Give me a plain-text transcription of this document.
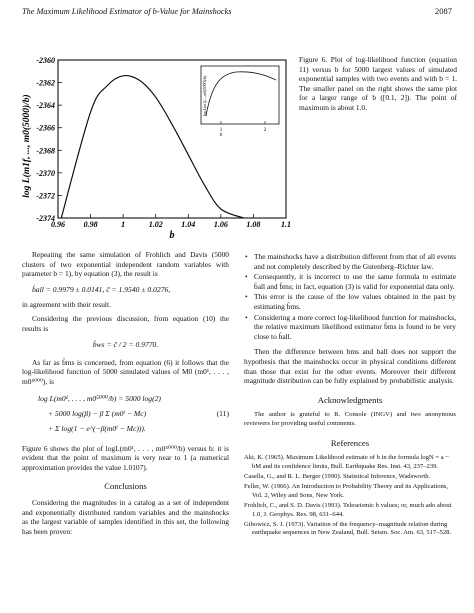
The Maximum Likelihood Estimator of b-Value for Mainshocks	2087
-2360
-2362
-2364
-2366
-2368
-2370
-2372
-2374
0.96 0.98	1	1.02 1.04 1.06 1.08	1.1
log L(m1f, ..., m0(5000)/b)
b
1	2
b
log L(m1f,...,m0(5000)/b)
Figure 6. Plot of log-likelihood function (equation 11) versus b for 5000 largest values of simulated exponential samples with two events and with b = 1. The smaller panel on the right shows the same plot for a larger range of b ([0.1, 2]). The point of maximum is about 1.0.
Repeating the same simulation of Frohlich and Davis (5000 clusters of two exponential independent random variables with parameter b = 1), by equation (3), the result is
b̂all = 0.9979 ± 0.0141, ĉ = 1.9540 ± 0.0276,
in agreement with their result.
Considering the previous discussion, from equation (10) the results is
b̂ws = ĉ / 2 = 0.9770.
As far as b̂ms is concerned, from equation (6) it follows that the log-likelihood function of 5000 simulated values of M0 (m0¹, . . . , m0⁵⁰⁰⁰), is
log L(m0¹, . . . , m0⁵⁰⁰⁰/b) = 5000 log(2)
+ 5000 log(β) − β Σ (m0ⁱ − Mc)
+ Σ log(1 − e^(−β(m0ⁱ − Mc))).
(11)
Figure 6 shows the plot of logL(m0¹, . . . , m0⁵⁰⁰⁰/b) versus b: it is evident that the point of maximum is very near to 1 (a numerical approximation provides the value 1.0107).
Conclusions
Considering the magnitudes in a catalog as a set of independent and exponentially distributed random variables and the mainshocks as the largest variable of samples identified in this set, the following has been proven:
• The mainshocks have a distribution different from that of all events and not completely described by the Gutenberg–Richter law.
• Consequently, it is incorrect to use the same formula to estimate b̂all and b̂ms; in fact, equation (3) is valid for exponential data only.
• This error is the cause of the low values obtained in the past by estimating b̂ms.
• Considering a more correct log-likelihood function for mainshocks, the relative maximum likelihood estimator b̂ms is found to be very close to b̂all.
Then the difference between bms and ball does not support the hypothesis that the mainshocks occur in physical conditions different than those that exist for the other events. Moreover their different magnitude distribution can be fully explained by probabilistic analysis.
Acknowledgments
The author is grateful to R. Console (INGV) and two anonymous reviewers for providing useful comments.
References

Aki, K. (1965). Maximum Likelihood estimate of b in the formula logN = a − bM and its confidence limits, Bull. Earthquake Res. Inst. 43, 237–239.

Casella, G., and R. L. Berger (1990). Statistical Inference, Wadsworth.

Feller, W. (1966). An Introduction to Probability Theory and its Applications, Vol. 2, Wiley and Sons, New York.

Frohlich, C., and S. D. Davis (1993). Teleseismic b values; or, much ado about 1.0, J. Geophys. Res. 98, 631–644.

Gibowicz, S. J. (1973). Variation of the frequency–magnitude relation during earthquake sequences in New Zealand, Bull. Seism. Soc. Am. 63, 517–528.
